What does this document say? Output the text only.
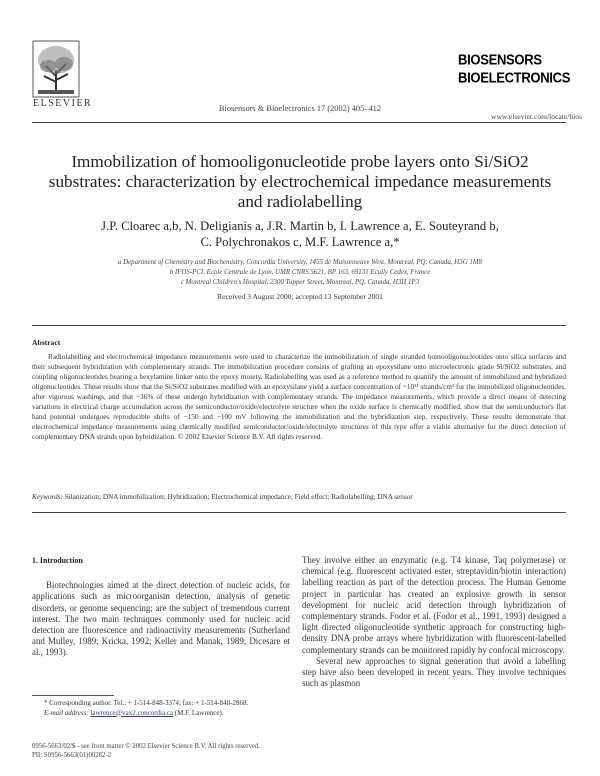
ELSEVIER	Biosensors & Bioelectronics 17 (2002) 405–412
BIOSENSORS
BIOELECTRONICS
www.elsevier.com/locate/bios
Immobilization of homooligonucleotide probe layers onto Si/SiO2 substrates: characterization by electrochemical impedance measurements and radiolabelling
J.P. Cloarec a,b, N. Deligianis a, J.R. Martin b, I. Lawrence a, E. Souteyrand b,
C. Polychronakos c, M.F. Lawrence a,*
a Department of Chemistry and Biochemistry, Concordia University, 1455 de Maisonneuve West, Montreal, PQ, Canada, H3G 1M8
b IFOS-PCI, Ecole Centrale de Lyon, UMR CNRS 5621, BP 163, 69131 Ecully Cedex, France
c Montreal Children's Hospital, 2300 Tupper Street, Montreal, PQ, Canada, H3H 1P3
Received 3 August 2000; accepted 13 September 2001
Abstract
Radiolabelling and electrochemical impedance measurements were used to characterize the immobilization of single stranded homooligonucleotides onto silica surfaces and their subsequent hybridization with complementary strands. The immobilization procedure consists of grafting an epoxysilane onto microelectronic grade Si/SiO2 substrates, and coupling oligonucleotides bearing a hexylamine linker onto the epoxy moiety. Radiolabelling was used as a reference method to quantify the amount of immobilized and hybridized oligonucleotides. These results show that the Si/SiO2 substrates modified with an epoxysilane yield a surface concentration of ~10¹¹ strands/cm² for the immobilized oligonucleotides, after vigorous washings, and that ~36% of these undergo hybridization with complementary strands. The impedance measurements, which provide a direct means of detecting variations in electrical charge accumulation across the semiconductor/oxide/electrolyte structure when the oxide surface is chemically modified, show that the semiconductor's flat band potential undergoes reproducible shifts of −150 and −100 mV following the immobilization and the hybridization step, respectively. These results demonstrate that electrochemical impedance measurements using chemically modified semiconductor/oxide/electrolyte structures of this type offer a viable alternative for the direct detection of complementary DNA strands upon hybridization. © 2002 Elsevier Science B.V. All rights reserved.
Keywords: Silanization; DNA immobilization; Hybridization; Electrochemical impedance; Field effect; Radiolabelling; DNA sensor
1. Introduction
Biotechnologies aimed at the direct detection of nucleic acids, for applications such as microorganism detection, analysis of genetic disorders, or genome sequencing; are the subject of tremendous current interest. The two main techniques commonly used for nucleic acid detection are fluorescence and radioactivity measurements (Sutherland and Mulley, 1989; Kricka, 1992; Keller and Manak, 1989; Dicesare et al., 1993).
They involve either an enzymatic (e.g. T4 kinase, Taq polymerase) or chemical (e.g. fluorescent activated ester, streptavidin/biotin interaction) labelling reaction as part of the detection process. The Human Genome project in particular has created an explosive growth in sensor development for nucleic acid detection through hybridization of complementary strands. Fodor et al. (Fodor et al., 1991, 1993) designed a light directed oligonucleotide synthetic approach for constructing high-density DNA probe arrays where hybridization with fluorescent-labelled complementary strands can be monitored rapidly by confocal microscopy.
Several new approaches to signal generation that avoid a labelling step have also been developed in recent years. They involve techniques such as plasmon
* Corresponding author. Tel.: + 1-514-848-3374; fax: + 1-514-848-2868.
E-mail address: lawrence@vax2.concordia.ca (M.F. Lawrence).
0956-5663/02/$ - see front matter © 2002 Elsevier Science B.V. All rights reserved.
PII: S0956-5663(01)00282-2
